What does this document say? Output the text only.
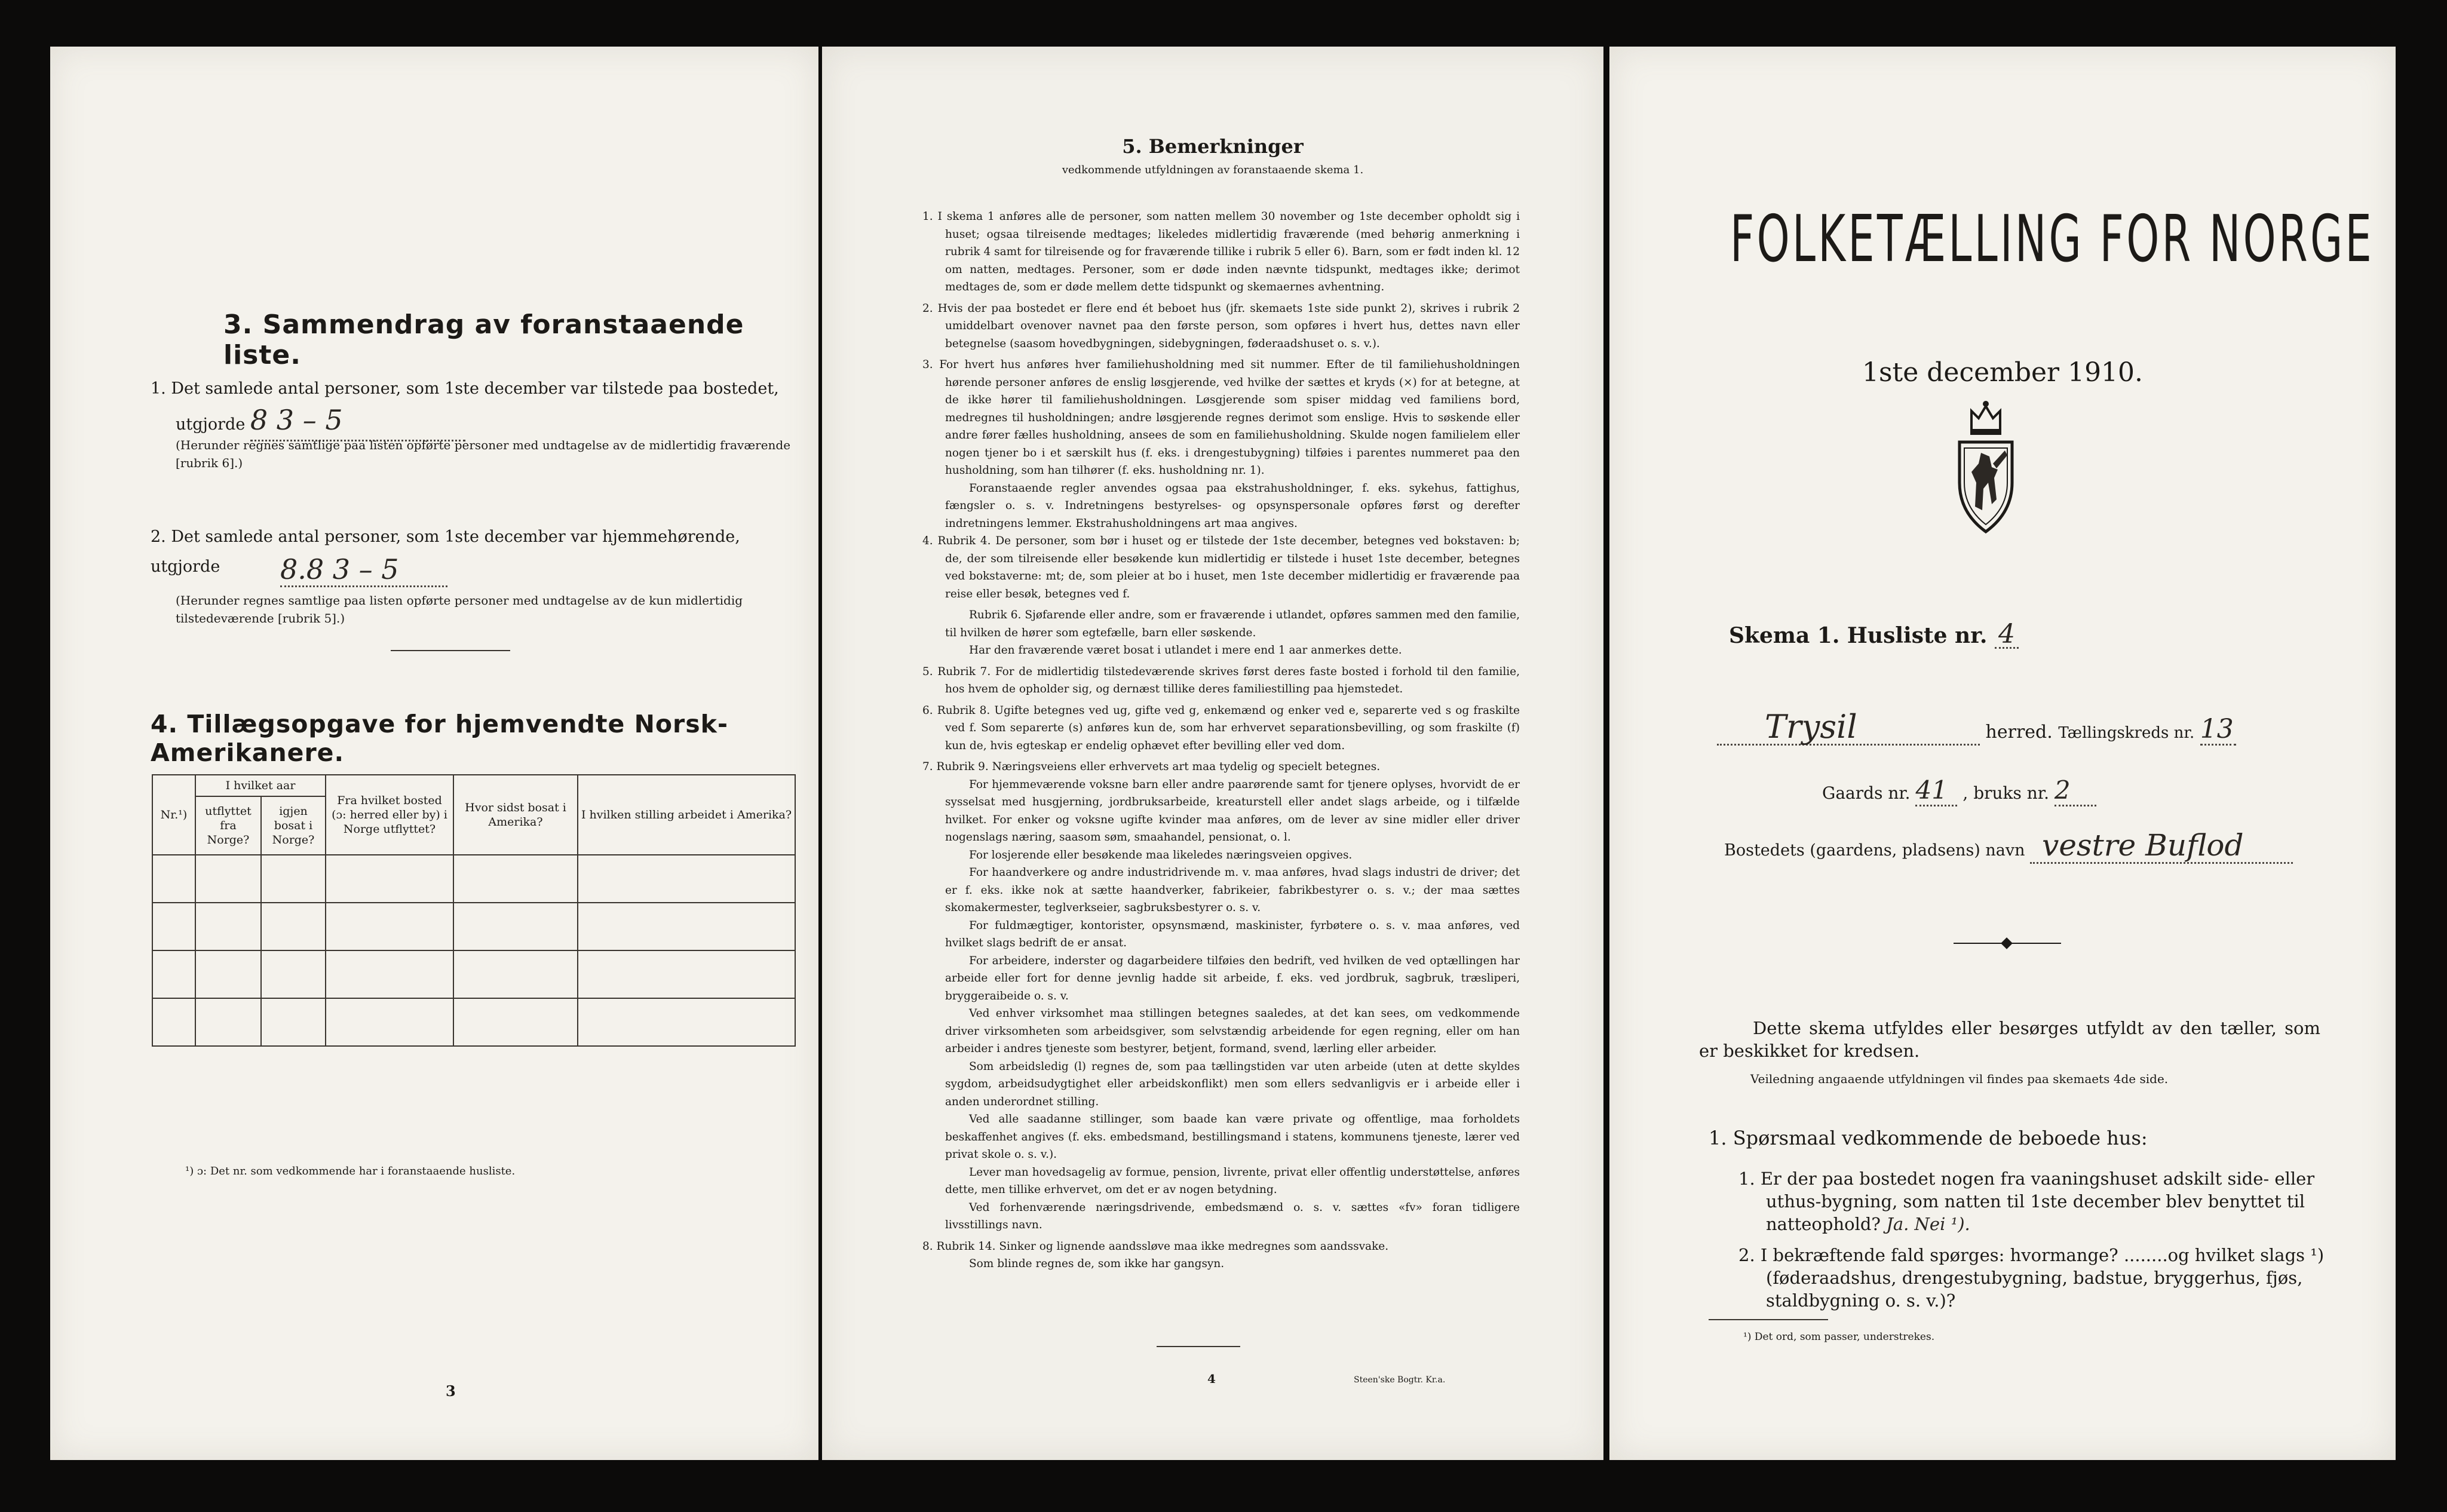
3. Sammendrag av foranstaaende liste.
1. Det samlede antal personer, som 1ste december var tilstede paa bostedet,
utgjorde 8 3 – 5
(Herunder regnes samtlige paa listen opførte personer med undtagelse av de midlertidig fraværende [rubrik 6].)
2. Det samlede antal personer, som 1ste december var hjemmehørende, utgjorde	8.8 3 – 5
(Herunder regnes samtlige paa listen opførte personer med undtagelse av de kun midlertidig tilstedeværende [rubrik 5].)
4. Tillægsopgave for hjemvendte Norsk-Amerikanere.
Nr.¹)	I hvilket aar		Fra hvilket bosted (ɔ: herred eller by) i Norge utflyttet?	Hvor sidst bosat i Amerika?	I hvilken stilling arbeidet i Amerika?
	utflyttet fra Norge?	igjen bosat i Norge?			

¹) ɔ: Det nr. som vedkommende har i foranstaaende husliste.
3
5. Bemerkninger
vedkommende utfyldningen av foranstaaende skema 1.

1. I skema 1 anføres alle de personer, som natten mellem 30 november og 1ste december opholdt sig i huset; ogsaa tilreisende medtages; likeledes midlertidig fraværende (med behørig anmerkning i rubrik 4 samt for tilreisende og for fraværende tillike i rubrik 5 eller 6). Barn, som er født inden kl. 12 om natten, medtages. Personer, som er døde inden nævnte tidspunkt, medtages ikke; derimot medtages de, som er døde mellem dette tidspunkt og skemaernes avhentning.

2. Hvis der paa bostedet er flere end ét beboet hus (jfr. skemaets 1ste side punkt 2), skrives i rubrik 2 umiddelbart ovenover navnet paa den første person, som opføres i hvert hus, dettes navn eller betegnelse (saasom hovedbygningen, sidebygningen, føderaadshuset o. s. v.).

3. For hvert hus anføres hver familiehusholdning med sit nummer. Efter de til familiehusholdningen hørende personer anføres de enslig løsgjerende, ved hvilke der sættes et kryds (×) for at betegne, at de ikke hører til familiehusholdningen. Løsgjerende som spiser middag ved familiens bord, medregnes til husholdningen; andre løsgjerende regnes derimot som enslige. Hvis to søskende eller andre fører fælles husholdning, ansees de som en familiehusholdning. Skulde nogen familielem eller nogen tjener bo i et særskilt hus (f. eks. i drengestubygning) tilføies i parentes nummeret paa den husholdning, som han tilhører (f. eks. husholdning nr. 1).

Foranstaaende regler anvendes ogsaa paa ekstrahusholdninger, f. eks. sykehus, fattighus, fængsler o. s. v. Indretningens bestyrelses- og opsynspersonale opføres først og derefter indretningens lemmer. Ekstrahusholdningens art maa angives.

4. Rubrik 4. De personer, som bør i huset og er tilstede der 1ste december, betegnes ved bokstaven: b; de, der som tilreisende eller besøkende kun midlertidig er tilstede i huset 1ste december, betegnes ved bokstaverne: mt; de, som pleier at bo i huset, men 1ste december midlertidig er fraværende paa reise eller besøk, betegnes ved f.

Rubrik 6. Sjøfarende eller andre, som er fraværende i utlandet, opføres sammen med den familie, til hvilken de hører som egtefælle, barn eller søskende.

Har den fraværende været bosat i utlandet i mere end 1 aar anmerkes dette.

5. Rubrik 7. For de midlertidig tilstedeværende skrives først deres faste bosted i forhold til den familie, hos hvem de opholder sig, og dernæst tillike deres familiestilling paa hjemstedet.

6. Rubrik 8. Ugifte betegnes ved ug, gifte ved g, enkemænd og enker ved e, separerte ved s og fraskilte ved f. Som separerte (s) anføres kun de, som har erhvervet separationsbevilling, og som fraskilte (f) kun de, hvis egteskap er endelig ophævet efter bevilling eller ved dom.

7. Rubrik 9. Næringsveiens eller erhvervets art maa tydelig og specielt betegnes.

For hjemmeværende voksne barn eller andre paarørende samt for tjenere oplyses, hvorvidt de er sysselsat med husgjerning, jordbruksarbeide, kreaturstell eller andet slags arbeide, og i tilfælde hvilket. For enker og voksne ugifte kvinder maa anføres, om de lever av sine midler eller driver nogenslags næring, saasom søm, smaahandel, pensionat, o. l.

For losjerende eller besøkende maa likeledes næringsveien opgives.

For haandverkere og andre industridrivende m. v. maa anføres, hvad slags industri de driver; det er f. eks. ikke nok at sætte haandverker, fabrikeier, fabrikbestyrer o. s. v.; der maa sættes skomakermester, teglverkseier, sagbruksbestyrer o. s. v.

For fuldmægtiger, kontorister, opsynsmænd, maskinister, fyrbøtere o. s. v. maa anføres, ved hvilket slags bedrift de er ansat.

For arbeidere, inderster og dagarbeidere tilføies den bedrift, ved hvilken de ved optællingen har arbeide eller fort for denne jevnlig hadde sit arbeide, f. eks. ved jordbruk, sagbruk, træsliperi, bryggeraibeide o. s. v.

Ved enhver virksomhet maa stillingen betegnes saaledes, at det kan sees, om vedkommende driver virksomheten som arbeidsgiver, som selvstændig arbeidende for egen regning, eller om han arbeider i andres tjeneste som bestyrer, betjent, formand, svend, lærling eller arbeider.

Som arbeidsledig (l) regnes de, som paa tællingstiden var uten arbeide (uten at dette skyldes sygdom, arbeidsudygtighet eller arbeidskonflikt) men som ellers sedvanligvis er i arbeide eller i anden underordnet stilling.

Ved alle saadanne stillinger, som baade kan være private og offentlige, maa forholdets beskaffenhet angives (f. eks. embedsmand, bestillingsmand i statens, kommunens tjeneste, lærer ved privat skole o. s. v.).

Lever man hovedsagelig av formue, pension, livrente, privat eller offentlig understøttelse, anføres dette, men tillike erhvervet, om det er av nogen betydning.

Ved forhenværende næringsdrivende, embedsmænd o. s. v. sættes «fv» foran tidligere livsstillings navn.

8. Rubrik 14. Sinker og lignende aandssløve maa ikke medregnes som aandssvake.

Som blinde regnes de, som ikke har gangsyn.

4	Steen'ske Bogtr. Kr.a.
FOLKETÆLLING FOR NORGE
1ste december 1910.
Skema 1. Husliste nr. 4
Trysil	herred. Tællingskreds nr. 13
Gaards nr. 41 , bruks nr. 2
Bostedets (gaardens, pladsens) navn vestre Buflod
Dette skema utfyldes eller besørges utfyldt av den tæller, som er beskikket for kredsen.
Veiledning angaaende utfyldningen vil findes paa skemaets 4de side.
1. Spørsmaal vedkommende de beboede hus:
1. Er der paa bostedet nogen fra vaaningshuset adskilt side- eller uthus-bygning, som natten til 1ste december blev benyttet til natteophold? Ja. Nei ¹).
2. I bekræftende fald spørges: hvormange? ........og hvilket slags ¹) (føderaadshus, drengestubygning, badstue, bryggerhus, fjøs, staldbygning o. s. v.)?
¹) Det ord, som passer, understrekes.
